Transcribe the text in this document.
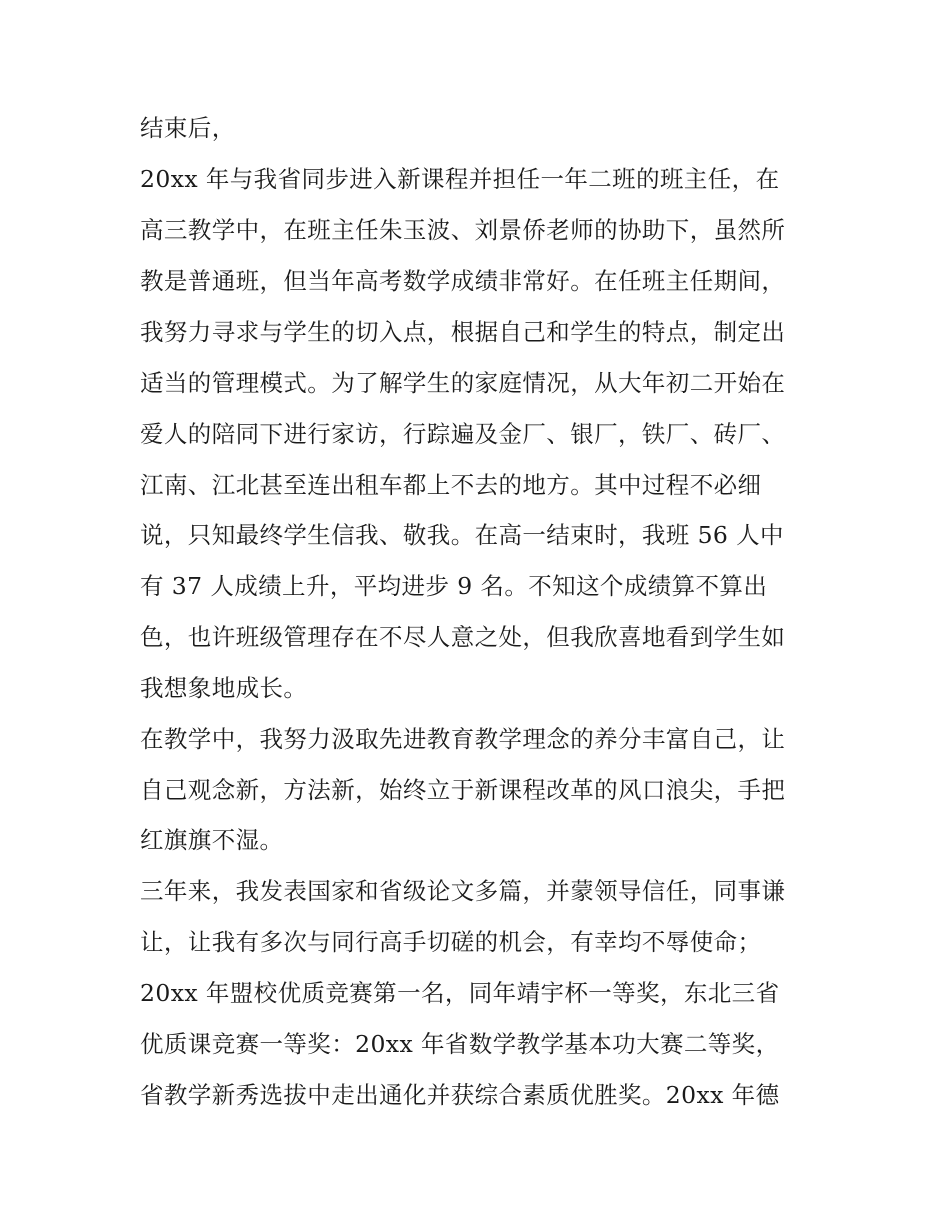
结束后，
20xx 年与我省同步进入新课程并担任一年二班的班主任，在
高三教学中，在班主任朱玉波、刘景侨老师的协助下，虽然所
教是普通班，但当年高考数学成绩非常好。在任班主任期间，
我努力寻求与学生的切入点，根据自己和学生的特点，制定出
适当的管理模式。为了解学生的家庭情况，从大年初二开始在
爱人的陪同下进行家访，行踪遍及金厂、银厂，铁厂、砖厂、
江南、江北甚至连出租车都上不去的地方。其中过程不必细
说，只知最终学生信我、敬我。在高一结束时，我班 56 人中
有 37 人成绩上升，平均进步 9 名。不知这个成绩算不算出
色，也许班级管理存在不尽人意之处，但我欣喜地看到学生如
我想象地成长。
在教学中，我努力汲取先进教育教学理念的养分丰富自己，让
自己观念新，方法新，始终立于新课程改革的风口浪尖，手把
红旗旗不湿。
三年来，我发表国家和省级论文多篇，并蒙领导信任，同事谦
让，让我有多次与同行高手切磋的机会，有幸均不辱使命；
20xx 年盟校优质竞赛第一名，同年靖宇杯一等奖，东北三省
优质课竞赛一等奖：20xx 年省数学教学基本功大赛二等奖，
省教学新秀选拔中走出通化并获综合素质优胜奖。20xx 年德
